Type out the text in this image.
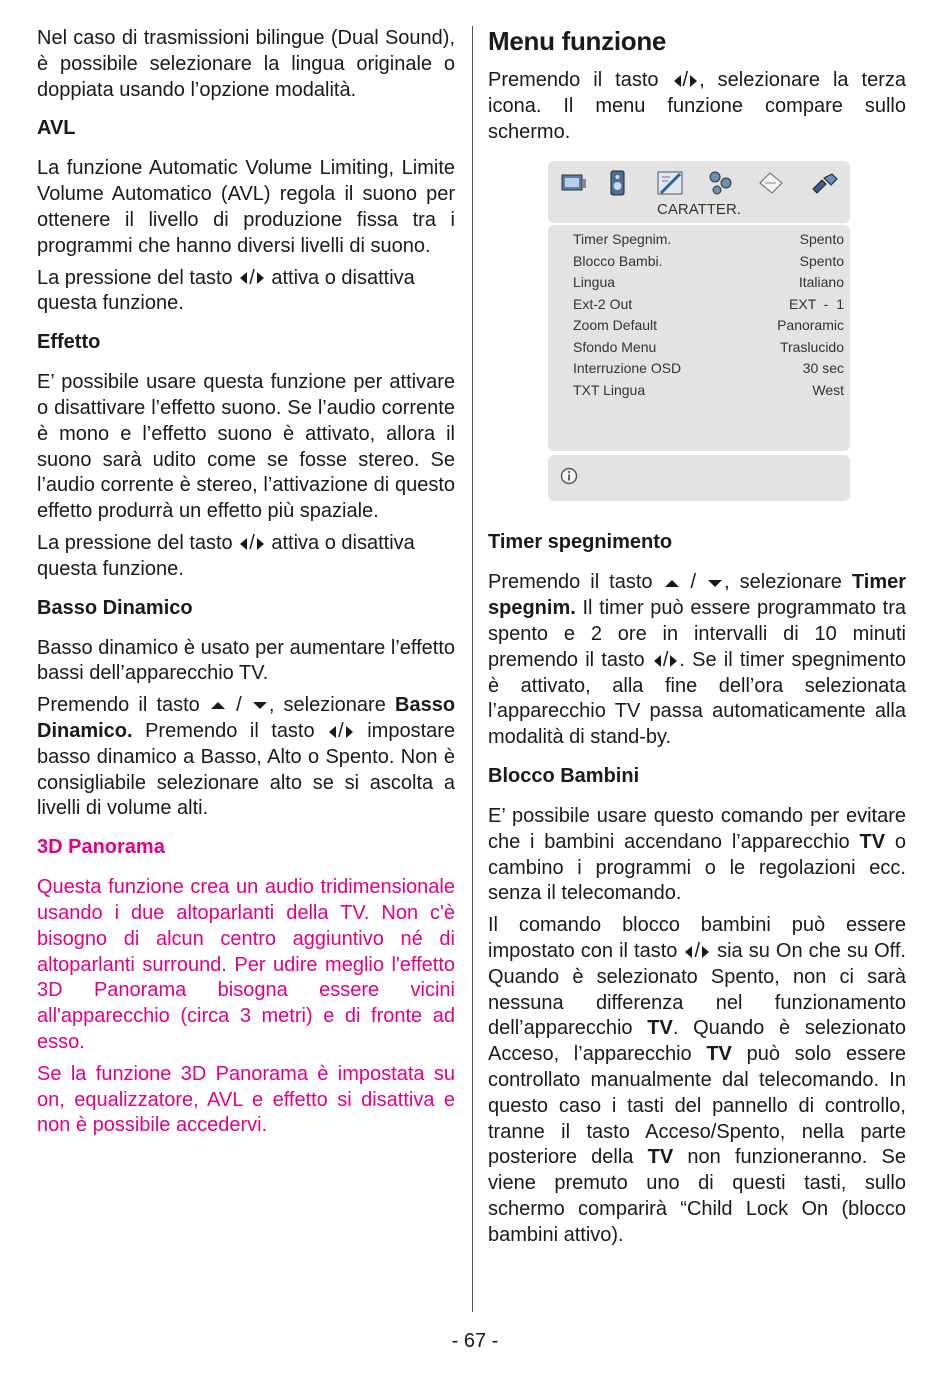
Nel caso di trasmissioni bilingue (Dual Sound), è possibile selezionare la lingua originale o doppiata usando l’opzione modalità.

AVL

La funzione Automatic Volume Limiting, Limite Volume Automatico (AVL) regola il suono per ottenere il livello di produzione fissa tra i programmi che hanno diversi livelli di suono.

La pressione del tasto / attiva o disattiva questa funzione.

Effetto

E’ possibile usare questa funzione per attivare o disattivare l’effetto suono. Se l’audio corrente è mono e l’effetto suono è attivato, allora il suono sarà udito come se fosse stereo. Se l’audio corrente è stereo, l’attivazione di questo effetto produrrà un effetto più spaziale.

La pressione del tasto / attiva o disattiva questa funzione.

Basso Dinamico

Basso dinamico è usato per aumentare l’effetto bassi dell’apparecchio TV.

Premendo il tasto / , selezionare Basso Dinamico. Premendo il tasto / impostare basso dinamico a Basso, Alto o Spento. Non è consigliabile selezionare alto se si ascolta a livelli di volume alti.

3D Panorama

Questa funzione crea un audio tridimensionale usando i due altoparlanti della TV. Non c'è bisogno di alcun centro aggiuntivo né di altoparlanti surround. Per udire meglio l'effetto 3D Panorama bisogna essere vicini all'apparecchio (circa 3 metri) e di fronte ad esso.

Se la funzione 3D Panorama è impostata su on, equalizzatore, AVL e effetto si disattiva e non è possibile accedervi.

Menu funzione

Premendo il tasto / , selezionare la terza icona. Il menu funzione compare sullo schermo.

CARATTER.
Timer Spegnim.	Spento
Blocco Bambi.	Spento
Lingua	Italiano
Ext-2 Out	EXT  -  1
Zoom Default	Panoramic
Sfondo Menu	Traslucido
Interruzione OSD	30 sec
TXT Lingua	West
Timer spegnimento

Premendo il tasto / , selezionare Timer spegnim. Il timer può essere programmato tra spento e 2 ore in intervalli di 10 minuti premendo il tasto / . Se il timer spegnimento è attivato, alla fine dell’ora selezionata l’apparecchio TV passa automaticamente alla modalità di stand-by.

Blocco Bambini

E’ possibile usare questo comando per evitare che i bambini accendano l’apparecchio TV o cambino i programmi o le regolazioni ecc. senza il telecomando.

Il comando blocco bambini può essere impostato con il tasto / sia su On che su Off. Quando è selezionato Spento, non ci sarà nessuna differenza nel funzionamento dell’apparecchio TV. Quando è selezionato Acceso, l’apparecchio TV può solo essere controllato manualmente dal telecomando. In questo caso i tasti del pannello di controllo, tranne il tasto Acceso/Spento, nella parte posteriore della TV non funzioneranno. Se viene premuto uno di questi tasti, sullo schermo comparirà “Child Lock On (blocco bambini attivo).

- 67 -
